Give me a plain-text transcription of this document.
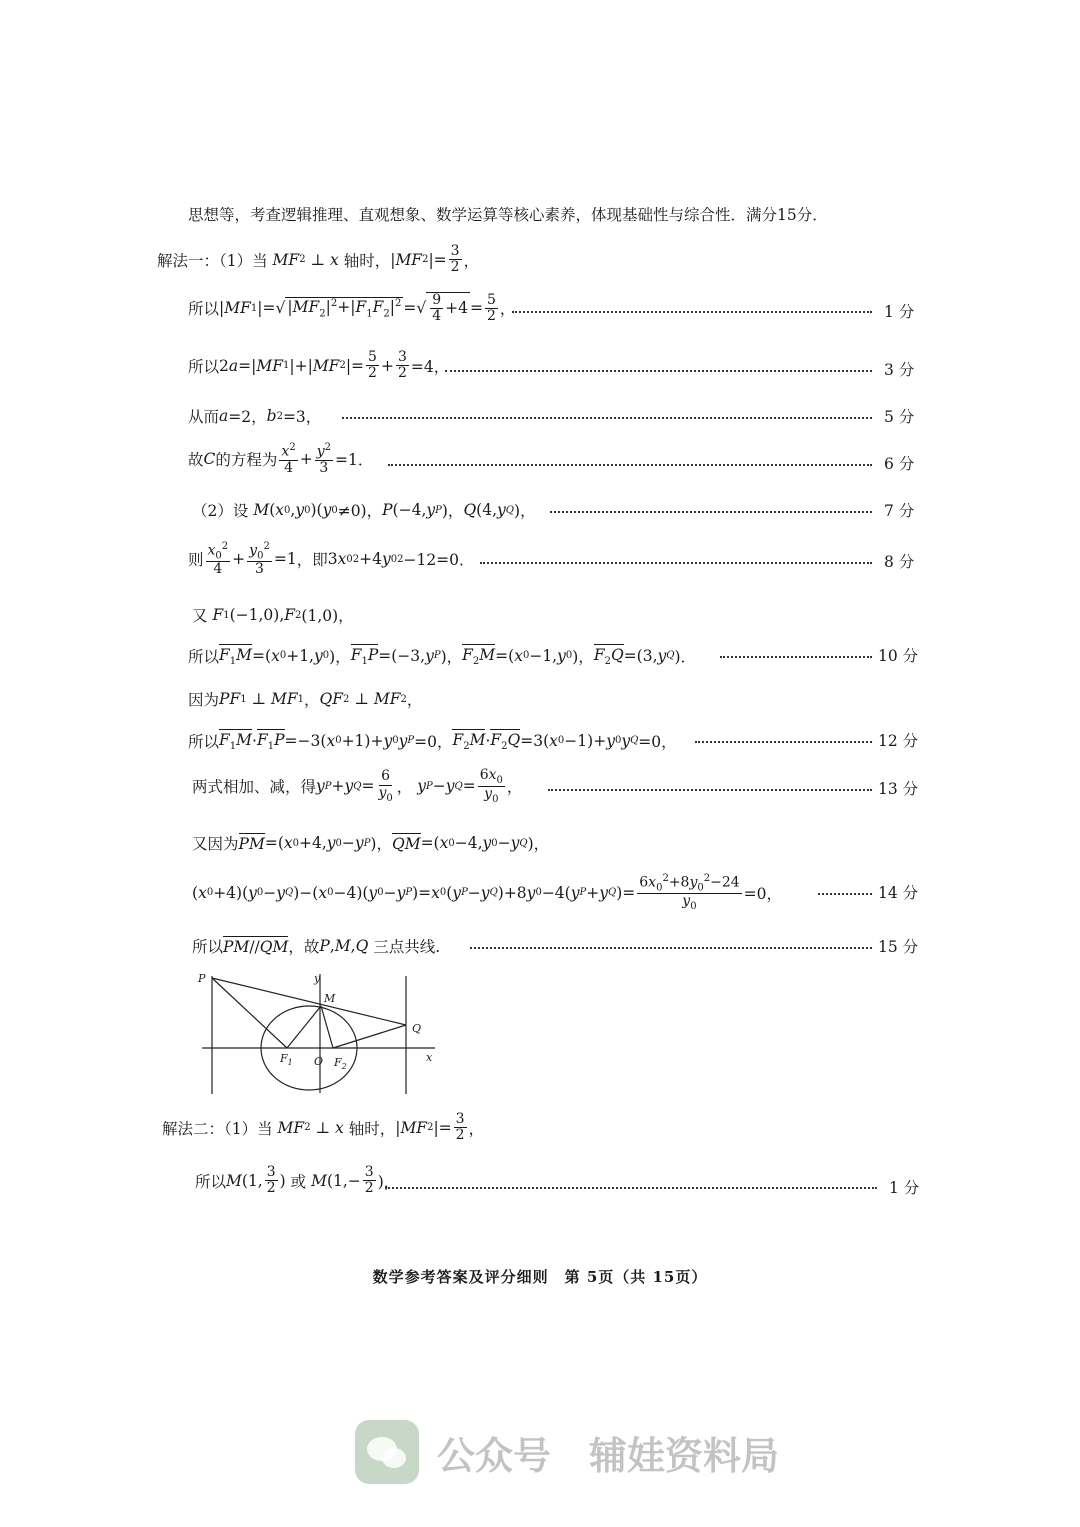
思想等，考查逻辑推理、直观想象、数学运算等核心素养，体现基础性与综合性．满分15分．
解法一：（1）当 MF 2 ⊥ x
轴时， | MF 2 |= $\frac{3}{2}$ ，
所以 | MF 1 |=√ $|MF_2|^2+|F_1F_2|^2$ =√ $\frac{9}{4} +4 = \frac{5}{2}$ ，	1 分
所以 2 a =| MF 1 |+| MF 2 |= $\frac{5}{2} + \frac{3}{2} =4$，	3 分
从而 a =2， b 2 =3，	5 分
故 C 的方程为 $\frac{x^2}{4} + \frac{y^2}{3} =1$．	6 分
（2）设
M ( x 0 , y 0 )( y 0 ≠0)， P (−4, y P )， Q (4, y Q )，	7 分
则 $\frac{x_0^2}{4} + \frac{y_0^2}{3} =1$ ，即 3 x 0 2 +4 y 0 2 −12=0．	8 分
又
F 1 (−1,0), F 2 (1,0)，
所以 $F_1M$ =( x 0 +1, y 0 )， $F_1P =(-3$, y P )， $F_2M$ =( x 0 −1, y 0 )， $F_2Q =(3$, y Q )．	10 分
因为 PF 1 ⊥ MF 1 ， QF 2 ⊥ MF 2 ，
所以 $F_1M \cdot F_1P =-3$( x 0 +1)+ y 0 y P =0， $F_2M \cdot F_2Q =3$( x 0 −1)+ y 0 y Q =0，	12 分
两式相加、减，得 y P + y $Q = \frac{6}{y_0}$ ， y P − y $Q = \frac{6x_0}{y_0}$ ，	13 分
又因为 PM =( x 0 +4, y 0 − y P )， QM =( x 0 −4, y 0 − y Q )，
( x 0 +4)( y 0 − y Q )−( x 0 −4)( y 0 − y P )= x 0 ( y P − y Q )+8 y 0 −4( y P + y Q )= $\frac{6x_0^2+8y_0^2-24}{y_0} =0$，	14 分
所以 PM//QM ，故 P , M , Q
三点共线.	15 分
P	y
M
Q
$F_1$ O $F_2$
x
解法二：（1）当 MF 2 ⊥ x
轴时， | MF 2 |= $\frac{3}{2}$ ，
所以 M (1, $\frac{3}{2}$ ) 或
M ($1,- \frac{3}{2}$ )，	1 分
数学参考答案及评分细则　第 5页（共 15页）
公众号　辅娃资料局
